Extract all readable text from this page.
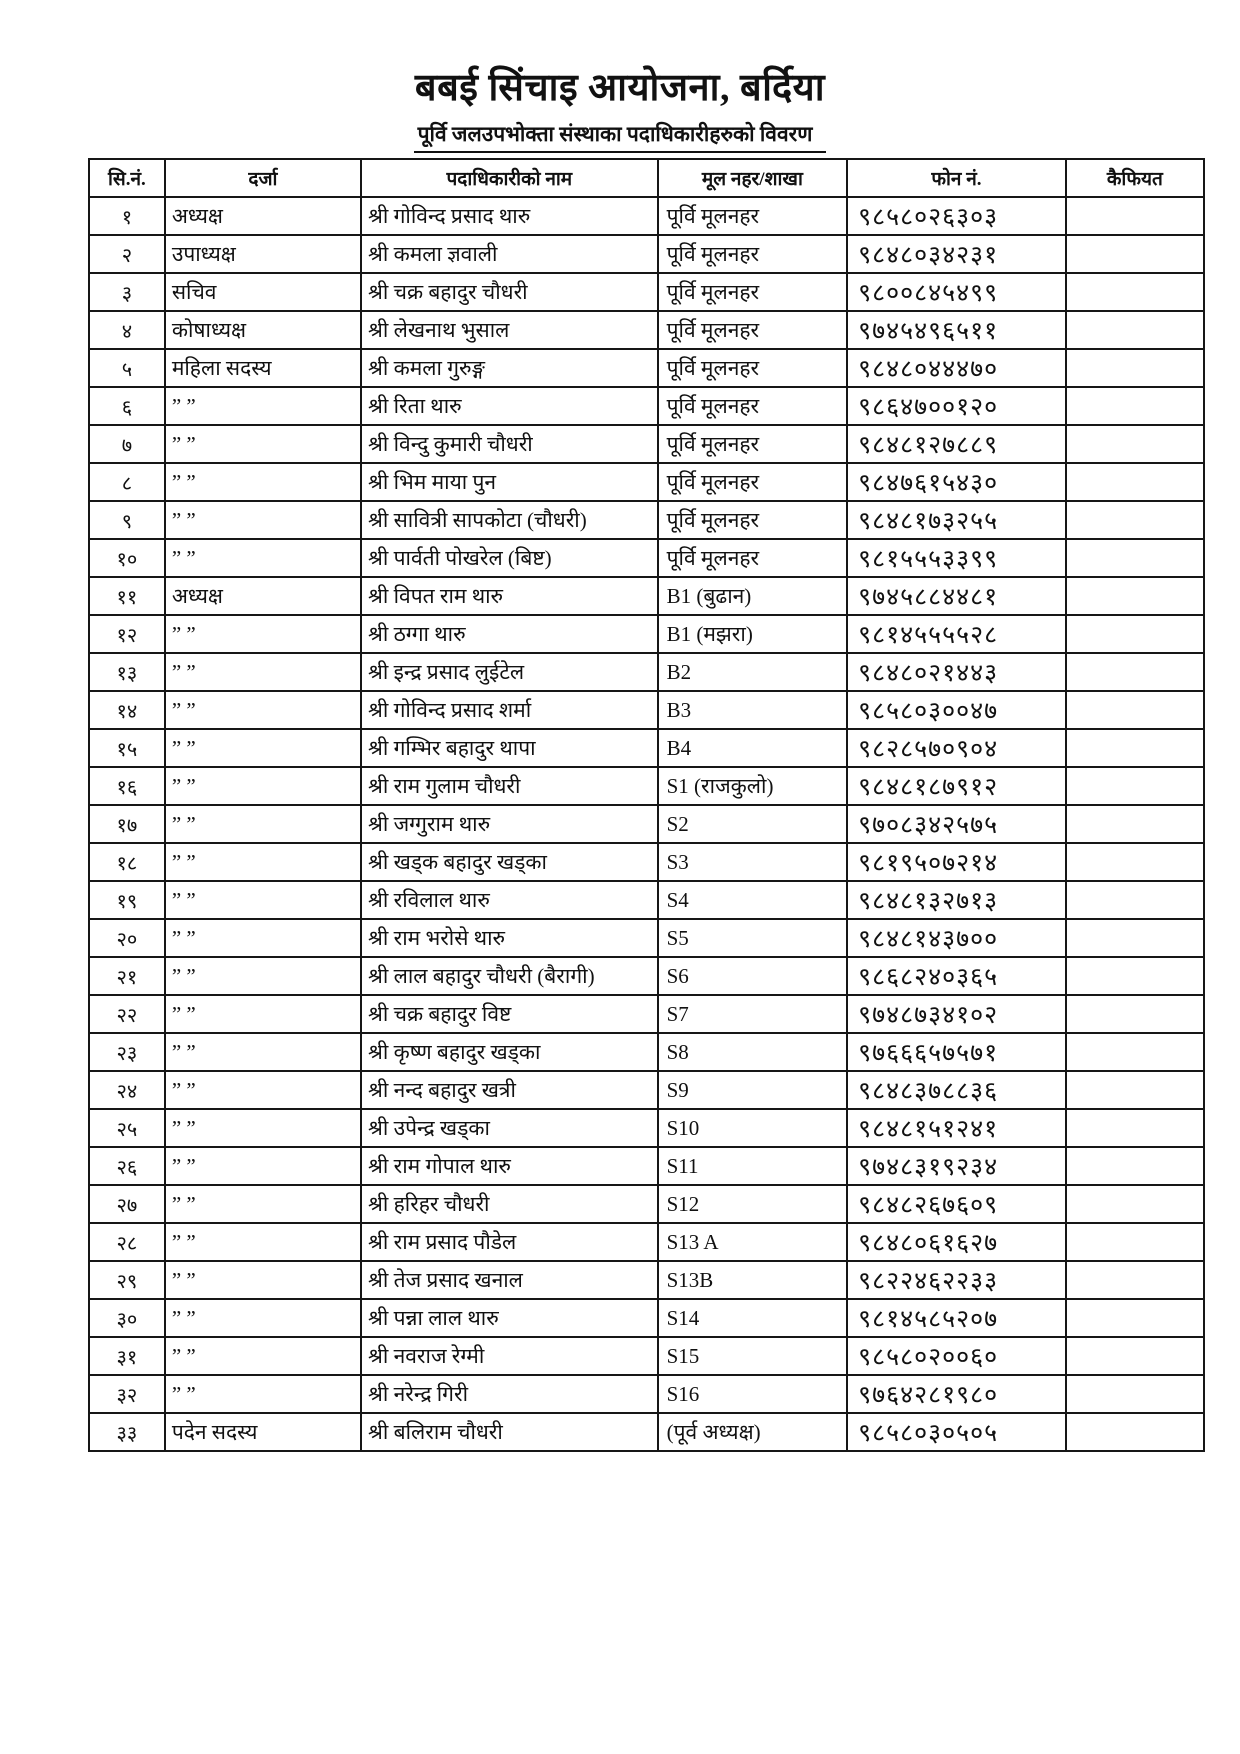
बबई सिंचाइ आयोजना, बर्दिया
पूर्वि जलउपभोक्ता संस्थाका पदाधिकारीहरुको विवरण
सि.नं.	दर्जा	पदाधिकारीको नाम	मूल नहर/शाखा	फोन नं.	कैफियत
१	अध्यक्ष	श्री गोविन्द प्रसाद थारु	पूर्वि मूलनहर	९८५८०२६३०३	
२	उपाध्यक्ष	श्री कमला ज्ञवाली	पूर्वि मूलनहर	९८४८०३४२३१	
३	सचिव	श्री चक्र बहादुर चौधरी	पूर्वि मूलनहर	९८००८४५४९९	
४	कोषाध्यक्ष	श्री लेखनाथ भुसाल	पूर्वि मूलनहर	९७४५४९६५११	
५	महिला सदस्य	श्री कमला गुरुङ्ग	पूर्वि मूलनहर	९८४८०४४४७०	
६	” ”	श्री रिता थारु	पूर्वि मूलनहर	९८६४७००१२०	
७	” ”	श्री विन्दु कुमारी चौधरी	पूर्वि मूलनहर	९८४८१२७८८९	
८	” ”	श्री भिम माया पुन	पूर्वि मूलनहर	९८४७६१५४३०	
९	” ”	श्री सावित्री सापकोटा (चौधरी)	पूर्वि मूलनहर	९८४८१७३२५५	
१०	” ”	श्री पार्वती पोखरेल (बिष्ट)	पूर्वि मूलनहर	९८१५५५३३९९	
११	अध्यक्ष	श्री विपत राम थारु	B1 (बुढान)	९७४५८८४४८१	
१२	” ”	श्री ठग्गा थारु	B1 (मझरा)	९८१४५५५५२८	
१३	” ”	श्री इन्द्र प्रसाद लुईटेल	B2	९८४८०२१४४३	
१४	” ”	श्री गोविन्द प्रसाद शर्मा	B3	९८५८०३००४७	
१५	” ”	श्री गम्भिर बहादुर थापा	B4	९८२८५७०९०४	
१६	” ”	श्री राम गुलाम चौधरी	S1 (राजकुलो)	९८४८१८७९१२	
१७	” ”	श्री जग्गुराम थारु	S2	९७०८३४२५७५	
१८	” ”	श्री खड्क बहादुर खड्का	S3	९८१९५०७२१४	
१९	” ”	श्री रविलाल थारु	S4	९८४८१३२७१३	
२०	” ”	श्री राम भरोसे थारु	S5	९८४८१४३७००	
२१	” ”	श्री लाल बहादुर चौधरी (बैरागी)	S6	९८६८२४०३६५	
२२	” ”	श्री चक्र बहादुर विष्ट	S7	९७४८७३४१०२	
२३	” ”	श्री कृष्ण बहादुर खड्का	S8	९७६६६५७५७१	
२४	” ”	श्री नन्द बहादुर खत्री	S9	९८४८३७८८३६	
२५	” ”	श्री उपेन्द्र खड्का	S10	९८४८१५१२४१	
२६	” ”	श्री राम गोपाल थारु	S11	९७४८३१९२३४	
२७	” ”	श्री हरिहर चौधरी	S12	९८४८२६७६०९	
२८	” ”	श्री राम प्रसाद पौडेल	S13 A	९८४८०६१६२७	
२९	” ”	श्री तेज प्रसाद खनाल	S13B	९८२२४६२२३३	
३०	” ”	श्री पन्ना लाल थारु	S14	९८१४५८५२०७	
३१	” ”	श्री नवराज रेग्मी	S15	९८५८०२००६०	
३२	” ”	श्री नरेन्द्र गिरी	S16	९७६४२८१९८०	
३३	पदेन सदस्य	श्री बलिराम चौधरी	(पूर्व अध्यक्ष)	९८५८०३०५०५	
